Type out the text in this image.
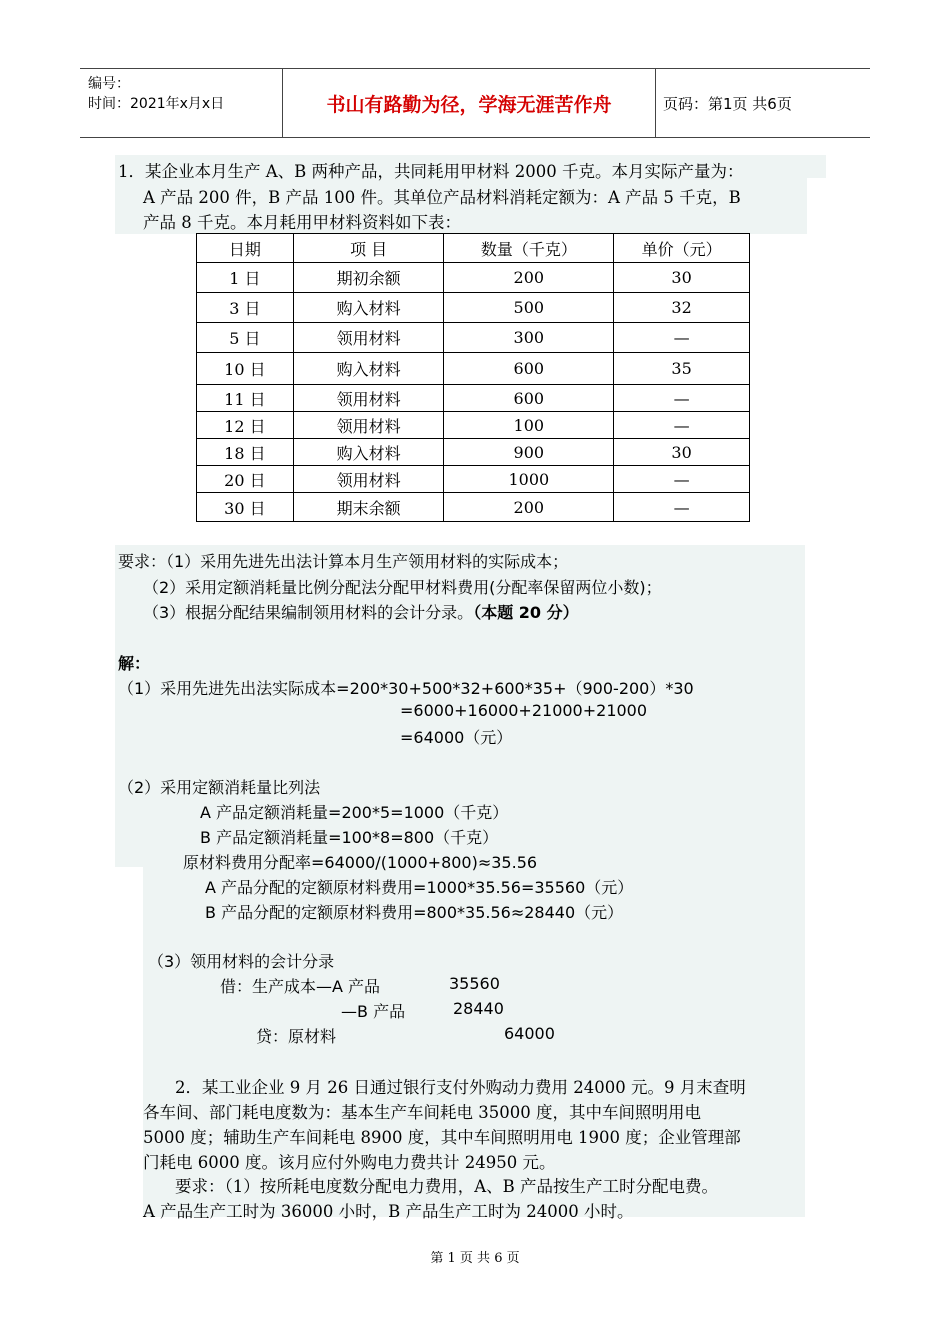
编号：
时间：2021年x月x日	书山有路勤为径，学海无涯苦作舟	页码：第1页 共6页
1．某企业本月生产 A、B 两种产品，共同耗用甲材料 2000 千克。本月实际产量为：
A 产品 200 件，B 产品 100 件。其单位产品材料消耗定额为：A 产品 5 千克，B
产品 8 千克。本月耗用甲材料资料如下表：
日期	项 目	数量（千克）	单价（元）
1 日	期初余额	200	30
3 日	购入材料	500	32
5 日	领用材料	300	—
10 日	购入材料	600	35
11 日	领用材料	600	—
12 日	领用材料	100	—
18 日	购入材料	900	30
20 日	领用材料	1000	—
30 日	期末余额	200	—
要求：（1）采用先进先出法计算本月生产领用材料的实际成本；
（2）采用定额消耗量比例分配法分配甲材料费用(分配率保留两位小数)；
（3）根据分配结果编制领用材料的会计分录。（本题 20 分）
解：
（1）采用先进先出法实际成本=200*30+500*32+600*35+（900-200）*30
=6000+16000+21000+21000
=64000（元）
（2）采用定额消耗量比列法
A 产品定额消耗量=200*5=1000（千克）
B 产品定额消耗量=100*8=800（千克）
原材料费用分配率=64000/(1000+800)≈35.56
A 产品分配的定额原材料费用=1000*35.56=35560（元）
B 产品分配的定额原材料费用=800*35.56≈28440（元）
（3）领用材料的会计分录
借：生产成本—A 产品	35560
—B 产品	28440
贷：原材料	64000
2．某工业企业 9 月 26 日通过银行支付外购动力费用 24000 元。9 月末查明
各车间、部门耗电度数为：基本生产车间耗电 35000 度，其中车间照明用电
5000 度；辅助生产车间耗电 8900 度，其中车间照明用电 1900 度；企业管理部
门耗电 6000 度。该月应付外购电力费共计 24950 元。
要求：（1）按所耗电度数分配电力费用，A、B 产品按生产工时分配电费。
A 产品生产工时为 36000 小时，B 产品生产工时为 24000 小时。
第 1 页 共 6 页
